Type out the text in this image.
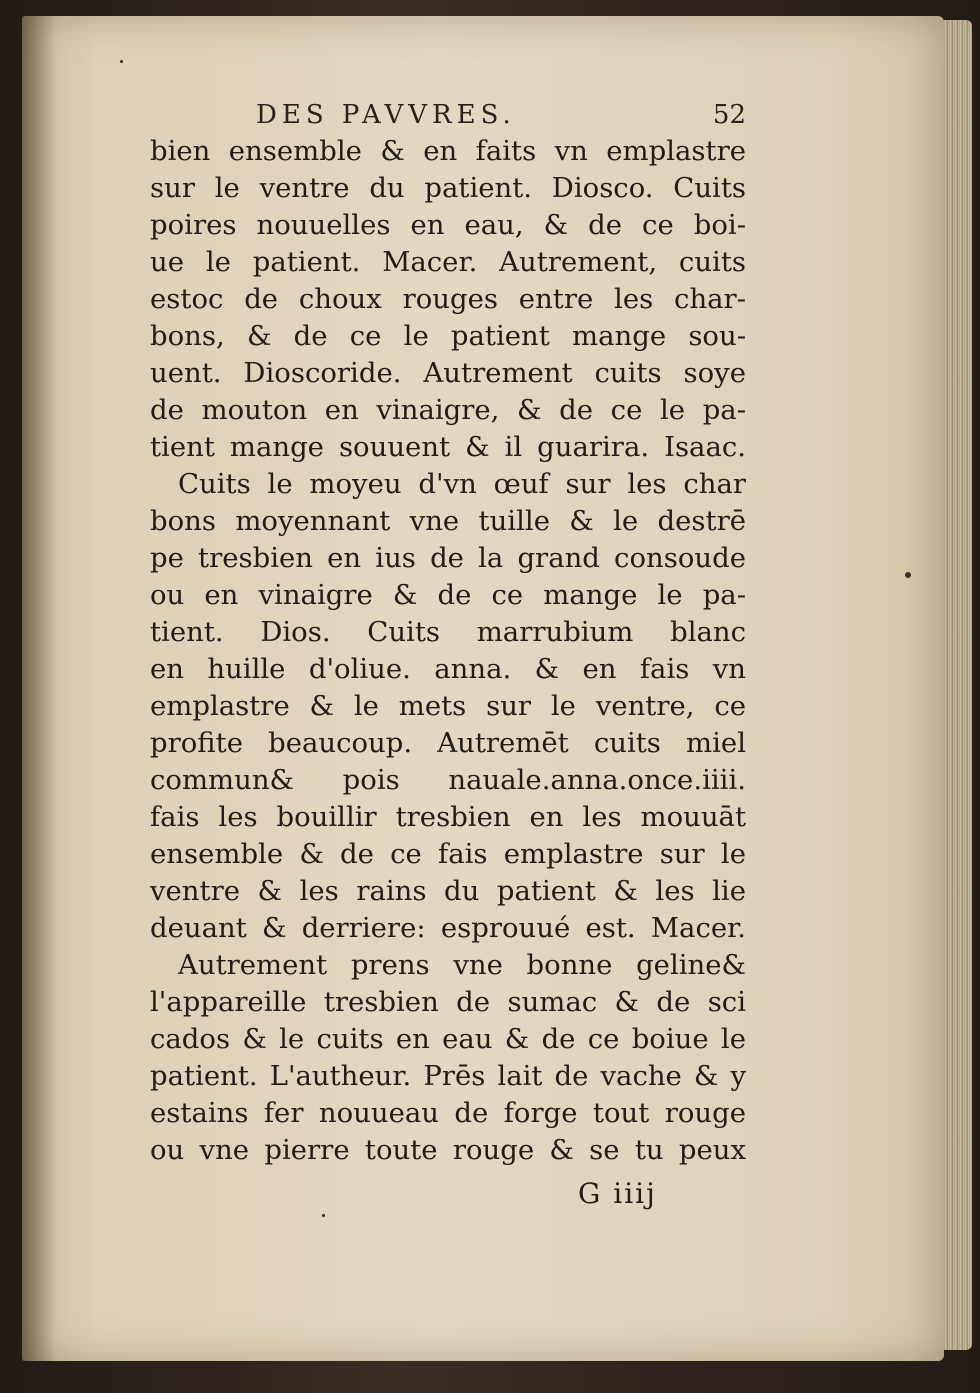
DES PAVVRES.	52
bien ensemble & en faits vn emplastre
sur le ventre du patient. Diosco. Cuits
poires nouuelles en eau, & de ce boi-
ue le patient. Macer. Autrement, cuits
estoc de choux rouges entre les char-
bons, & de ce le patient mange sou-
uent. Dioscoride. Autrement cuits soye
de mouton en vinaigre, & de ce le pa-
tient mange souuent & il guarira. Isaac.
Cuits le moyeu d'vn œuf sur les char
bons moyennant vne tuille & le destrē
pe tresbien en ius de la grand consoude
ou en vinaigre & de ce mange le pa-
tient. Dios. Cuits marrubium blanc
en huille d'oliue. anna. & en fais vn
emplastre & le mets sur le ventre, ce
profite beaucoup. Autremēt cuits miel
commun& pois nauale.anna.once.iiii.
fais les bouillir tresbien en les mouuāt
ensemble & de ce fais emplastre sur le
ventre & les rains du patient & les lie
deuant & derriere: esprouué est. Macer.
Autrement prens vne bonne geline&
l'appareille tresbien de sumac & de sci
cados & le cuits en eau & de ce boiue le
patient. L'autheur. Prēs lait de vache & y
estains fer nouueau de forge tout rouge
ou vne pierre toute rouge & se tu peux
G iiij
